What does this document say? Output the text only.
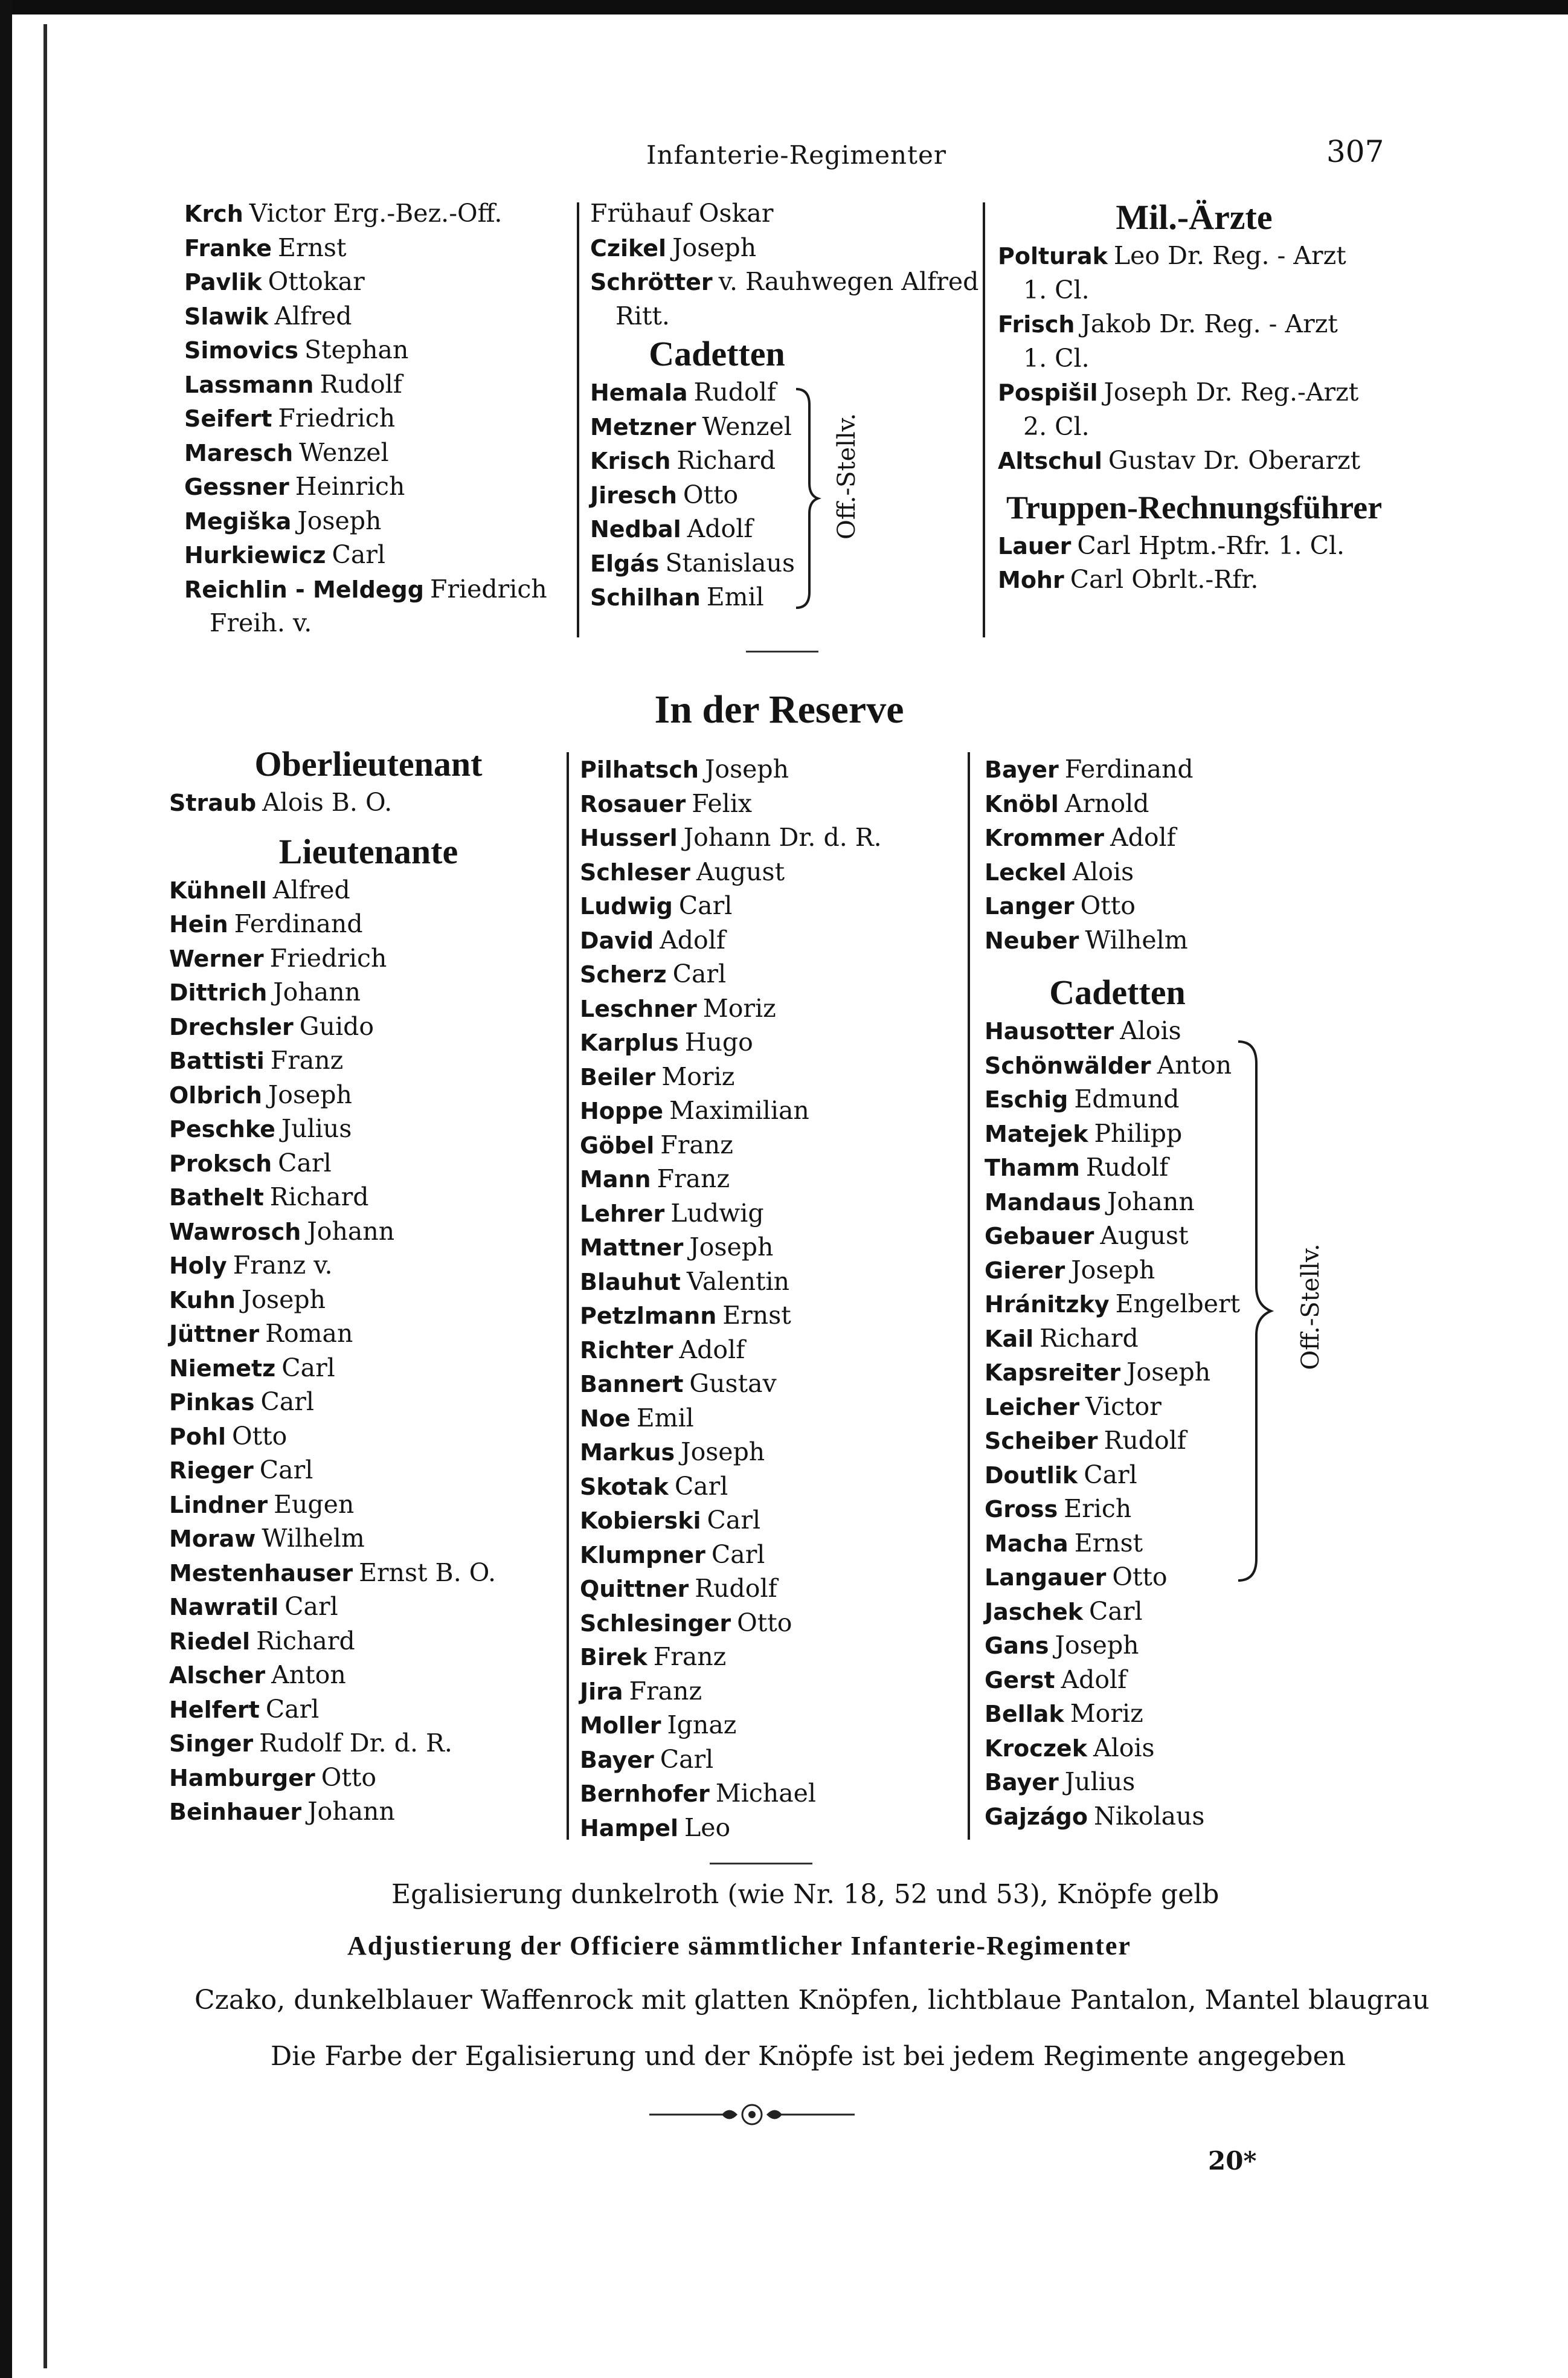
Infanterie-Regimenter	307
Krch Victor Erg.-Bez.-Off.
Franke Ernst
Pavlik Ottokar
Slawik Alfred
Simovics Stephan
Lassmann Rudolf
Seifert Friedrich
Maresch Wenzel
Gessner Heinrich
Megiška Joseph
Hurkiewicz Carl
Reichlin - Meldegg Friedrich
Freih. v.
Frühauf Oskar
Czikel Joseph
Schrötter v. Rauhwegen Alfred
Ritt.
Cadetten
Hemala Rudolf
Metzner Wenzel
Krisch Richard
Jiresch Otto
Nedbal Adolf
Elgás Stanislaus
Schilhan Emil
Off.-Stellv.
Mil.-Ärzte
Polturak Leo Dr. Reg. - Arzt
1. Cl.
Frisch Jakob Dr. Reg. - Arzt
1. Cl.
Pospišil Joseph Dr. Reg.-Arzt
2. Cl.
Altschul Gustav Dr. Oberarzt
Truppen-Rechnungsführer
Lauer Carl Hptm.-Rfr. 1. Cl.
Mohr Carl Obrlt.-Rfr.
In der Reserve
Oberlieutenant
Straub Alois B. O.
Lieutenante
Kühnell Alfred
Hein Ferdinand
Werner Friedrich
Dittrich Johann
Drechsler Guido
Battisti Franz
Olbrich Joseph
Peschke Julius
Proksch Carl
Bathelt Richard
Wawrosch Johann
Holy Franz v.
Kuhn Joseph
Jüttner Roman
Niemetz Carl
Pinkas Carl
Pohl Otto
Rieger Carl
Lindner Eugen
Moraw Wilhelm
Mestenhauser Ernst B. O.
Nawratil Carl
Riedel Richard
Alscher Anton
Helfert Carl
Singer Rudolf Dr. d. R.
Hamburger Otto
Beinhauer Johann
Pilhatsch Joseph
Rosauer Felix
Husserl Johann Dr. d. R.
Schleser August
Ludwig Carl
David Adolf
Scherz Carl
Leschner Moriz
Karplus Hugo
Beiler Moriz
Hoppe Maximilian
Göbel Franz
Mann Franz
Lehrer Ludwig
Mattner Joseph
Blauhut Valentin
Petzlmann Ernst
Richter Adolf
Bannert Gustav
Noe Emil
Markus Joseph
Skotak Carl
Kobierski Carl
Klumpner Carl
Quittner Rudolf
Schlesinger Otto
Birek Franz
Jira Franz
Moller Ignaz
Bayer Carl
Bernhofer Michael
Hampel Leo
Bayer Ferdinand
Knöbl Arnold
Krommer Adolf
Leckel Alois
Langer Otto
Neuber Wilhelm
Cadetten
Hausotter Alois
Schönwälder Anton
Eschig Edmund
Matejek Philipp
Thamm Rudolf
Mandaus Johann
Gebauer August
Gierer Joseph
Hránitzky Engelbert
Kail Richard
Kapsreiter Joseph
Leicher Victor
Scheiber Rudolf
Doutlik Carl
Gross Erich
Macha Ernst
Langauer Otto
Jaschek Carl
Gans Joseph
Gerst Adolf
Bellak Moriz
Kroczek Alois
Bayer Julius
Gajzágo Nikolaus
Off.-Stellv.
Egalisierung dunkelroth (wie Nr. 18, 52 und 53), Knöpfe gelb
Adjustierung der Officiere sämmtlicher Infanterie-Regimenter
Czako, dunkelblauer Waffenrock mit glatten Knöpfen, lichtblaue Pantalon, Mantel blaugrau
Die Farbe der Egalisierung und der Knöpfe ist bei jedem Regimente angegeben
20*
